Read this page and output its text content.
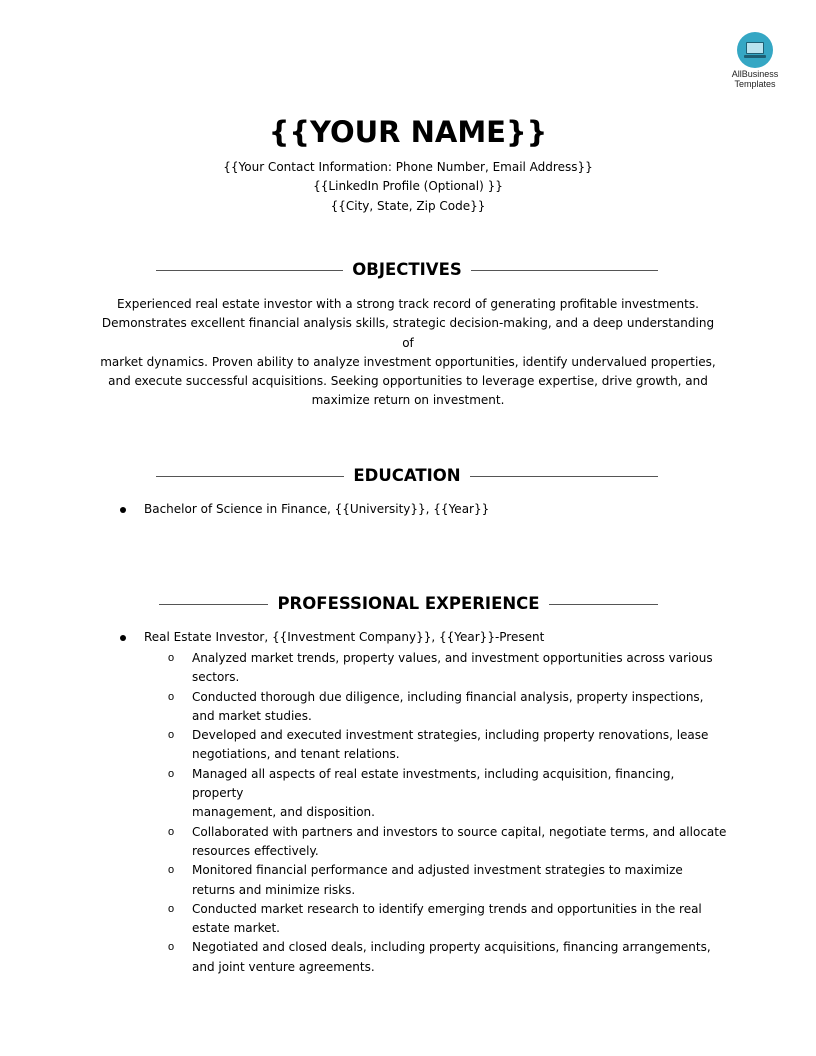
AllBusiness
Templates
{{YOUR NAME}}
{{Your Contact Information: Phone Number, Email Address}}
{{LinkedIn Profile (Optional) }}
{{City, State, Zip Code}}
OBJECTIVES
Experienced real estate investor with a strong track record of generating profitable investments.
Demonstrates excellent financial analysis skills, strategic decision-making, and a deep understanding of
market dynamics. Proven ability to analyze investment opportunities, identify undervalued properties,
and execute successful acquisitions. Seeking opportunities to leverage expertise, drive growth, and
maximize return on investment.
EDUCATION
Bachelor of Science in Finance, {{University}}, {{Year}}
PROFESSIONAL EXPERIENCE
Real Estate Investor, {{Investment Company}}, {{Year}}-Present
o Analyzed market trends, property values, and investment opportunities across various
sectors.
o Conducted thorough due diligence, including financial analysis, property inspections,
and market studies.
o Developed and executed investment strategies, including property renovations, lease
negotiations, and tenant relations.
o Managed all aspects of real estate investments, including acquisition, financing, property
management, and disposition.
o Collaborated with partners and investors to source capital, negotiate terms, and allocate
resources effectively.
o Monitored financial performance and adjusted investment strategies to maximize
returns and minimize risks.
o Conducted market research to identify emerging trends and opportunities in the real
estate market.
o Negotiated and closed deals, including property acquisitions, financing arrangements,
and joint venture agreements.
